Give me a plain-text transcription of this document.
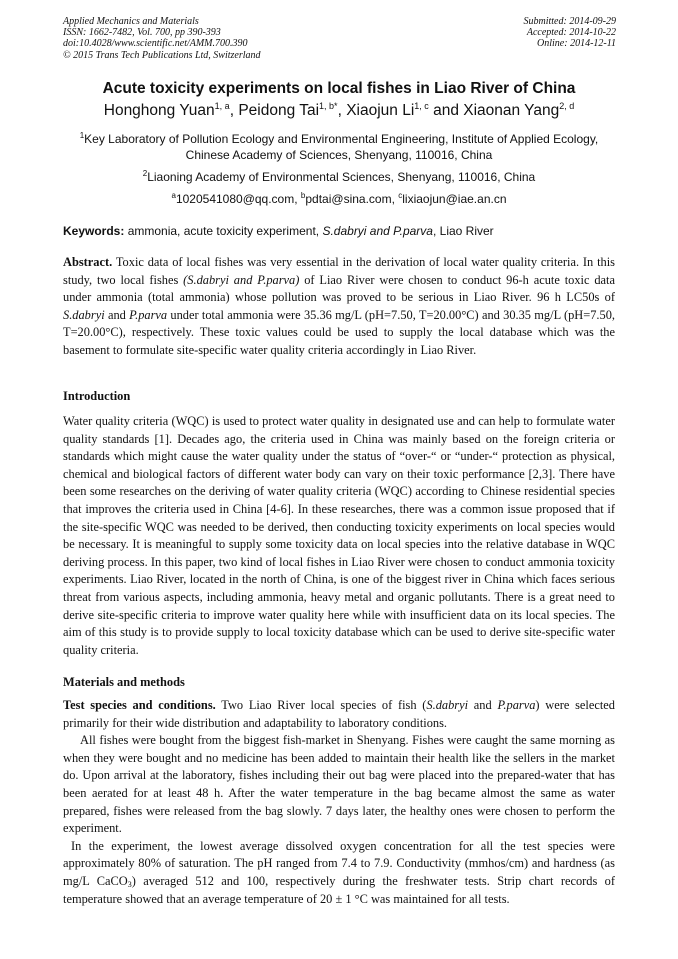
Applied Mechanics and Materials
ISSN: 1662-7482, Vol. 700, pp 390-393
doi:10.4028/www.scientific.net/AMM.700.390
© 2015 Trans Tech Publications Ltd, Switzerland
Submitted: 2014-09-29
Accepted: 2014-10-22
Online: 2014-12-11
Acute toxicity experiments on local fishes in Liao River of China
Honghong Yuan$^{1, a}$, Peidong Tai$^{1, b*}$, Xiaojun Li$^{1, c}$ and Xiaonan Yang$^{2, d}$
$^1$Key Laboratory of Pollution Ecology and Environmental Engineering, Institute of Applied Ecology,
Chinese Academy of Sciences, Shenyang, 110016, China
$^2$Liaoning Academy of Environmental Sciences, Shenyang, 110016, China
$^a$1020541080@qq.com, $^b$pdtai@sina.com, $^c$lixiaojun@iae.an.cn
Keywords: ammonia, acute toxicity experiment, S.dabryi and P.parva, Liao River

Abstract. Toxic data of local fishes was very essential in the derivation of local water quality criteria. In this study, two local fishes (S.dabryi and P.parva) of Liao River were chosen to conduct 96-h acute toxic data under ammonia (total ammonia) whose pollution was proved to be serious in Liao River. 96 h LC50s of S.dabryi and P.parva under total ammonia were 35.36 mg/L (pH=7.50, T=20.00°C) and 30.35 mg/L (pH=7.50, T=20.00°C), respectively. These toxic values could be used to supply the local database which was the basement to formulate site-specific water quality criteria accordingly in Liao River.

Introduction

Water quality criteria (WQC) is used to protect water quality in designated use and can help to formulate water quality standards [1]. Decades ago, the criteria used in China was mainly based on the foreign criteria or standards which might cause the water quality under the status of “over-“ or “under-“ protection as physical, chemical and biological factors of different water body can vary on their toxic performance [2,3]. There have been some researches on the deriving of water quality criteria (WQC) according to Chinese residential species that improves the criteria used in China [4-6]. In these researches, there was a common issue proposed that if the site-specific WQC was needed to be derived, then conducting toxicity experiments on local species would be necessary. It is meaningful to supply some toxicity data on local species into the relative database in WQC deriving process. In this paper, two kind of local fishes in Liao River were chosen to conduct ammonia toxicity experiments. Liao River, located in the north of China, is one of the biggest river in China which faces serious threat from various aspects, including ammonia, heavy metal and organic pollutants. There is a great need to derive site-specific criteria to improve water quality here while with insufficient data on its local species. The aim of this study is to provide supply to local toxicity database which can be used to derive site-specific water quality criteria.

Materials and methods

Test species and conditions. Two Liao River local species of fish (S.dabryi and P.parva) were selected primarily for their wide distribution and adaptability to laboratory conditions.

All fishes were bought from the biggest fish-market in Shenyang. Fishes were caught the same morning as when they were bought and no medicine has been added to maintain their health like the sellers in the market do. Upon arrival at the laboratory, fishes including their out bag were placed into the prepared-water that has been aerated for at least 48 h. After the water temperature in the bag became almost the same as water prepared, fishes were released from the bag slowly. 7 days later, the healthy ones were chosen to perform the experiment.

In the experiment, the lowest average dissolved oxygen concentration for all the test species were approximately 80% of saturation. The pH ranged from 7.4 to 7.9. Conductivity (mmhos/cm) and hardness (as mg/L CaCO$_3$) averaged 512 and 100, respectively during the freshwater tests. Strip chart records of temperature showed that an average temperature of 20 ± 1 °C was maintained for all tests.
